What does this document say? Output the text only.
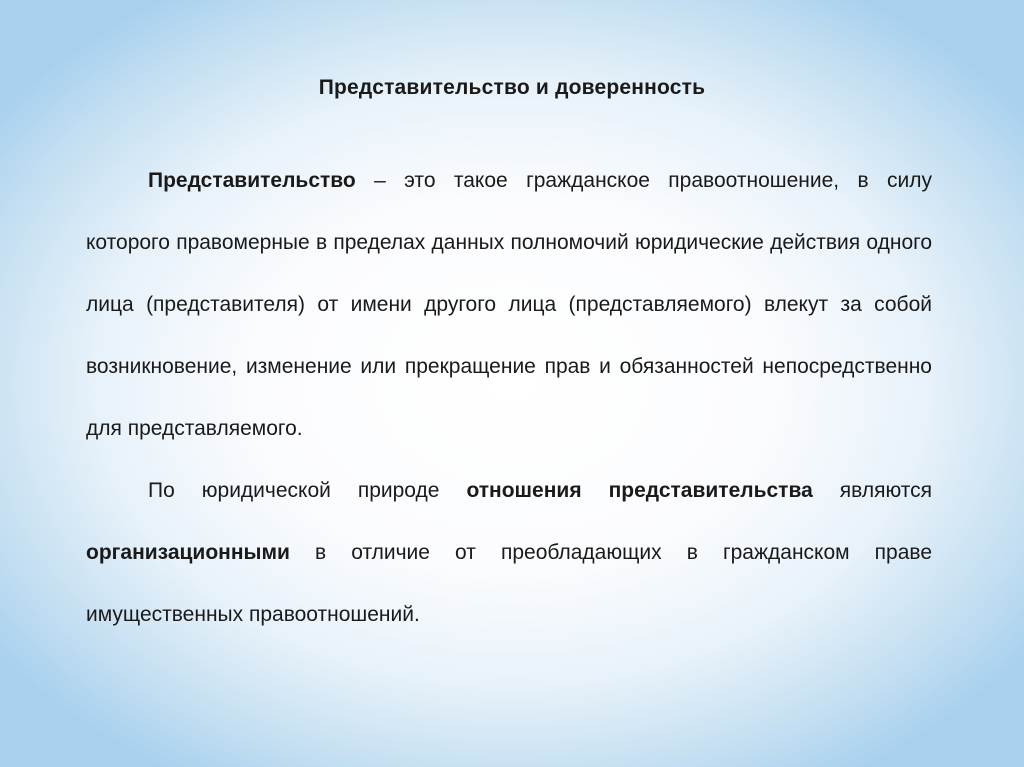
Представительство и доверенность

Представительство – это такое гражданское правоотношение, в силу которого правомерные в пределах данных полномочий юридические действия одного лица (представителя) от имени другого лица (представляемого) влекут за собой возникновение, изменение или прекращение прав и обязанностей непосредственно для представляемого.

По юридической природе отношения представительства являются организационными в отличие от преобладающих в гражданском праве имущественных правоотношений.
